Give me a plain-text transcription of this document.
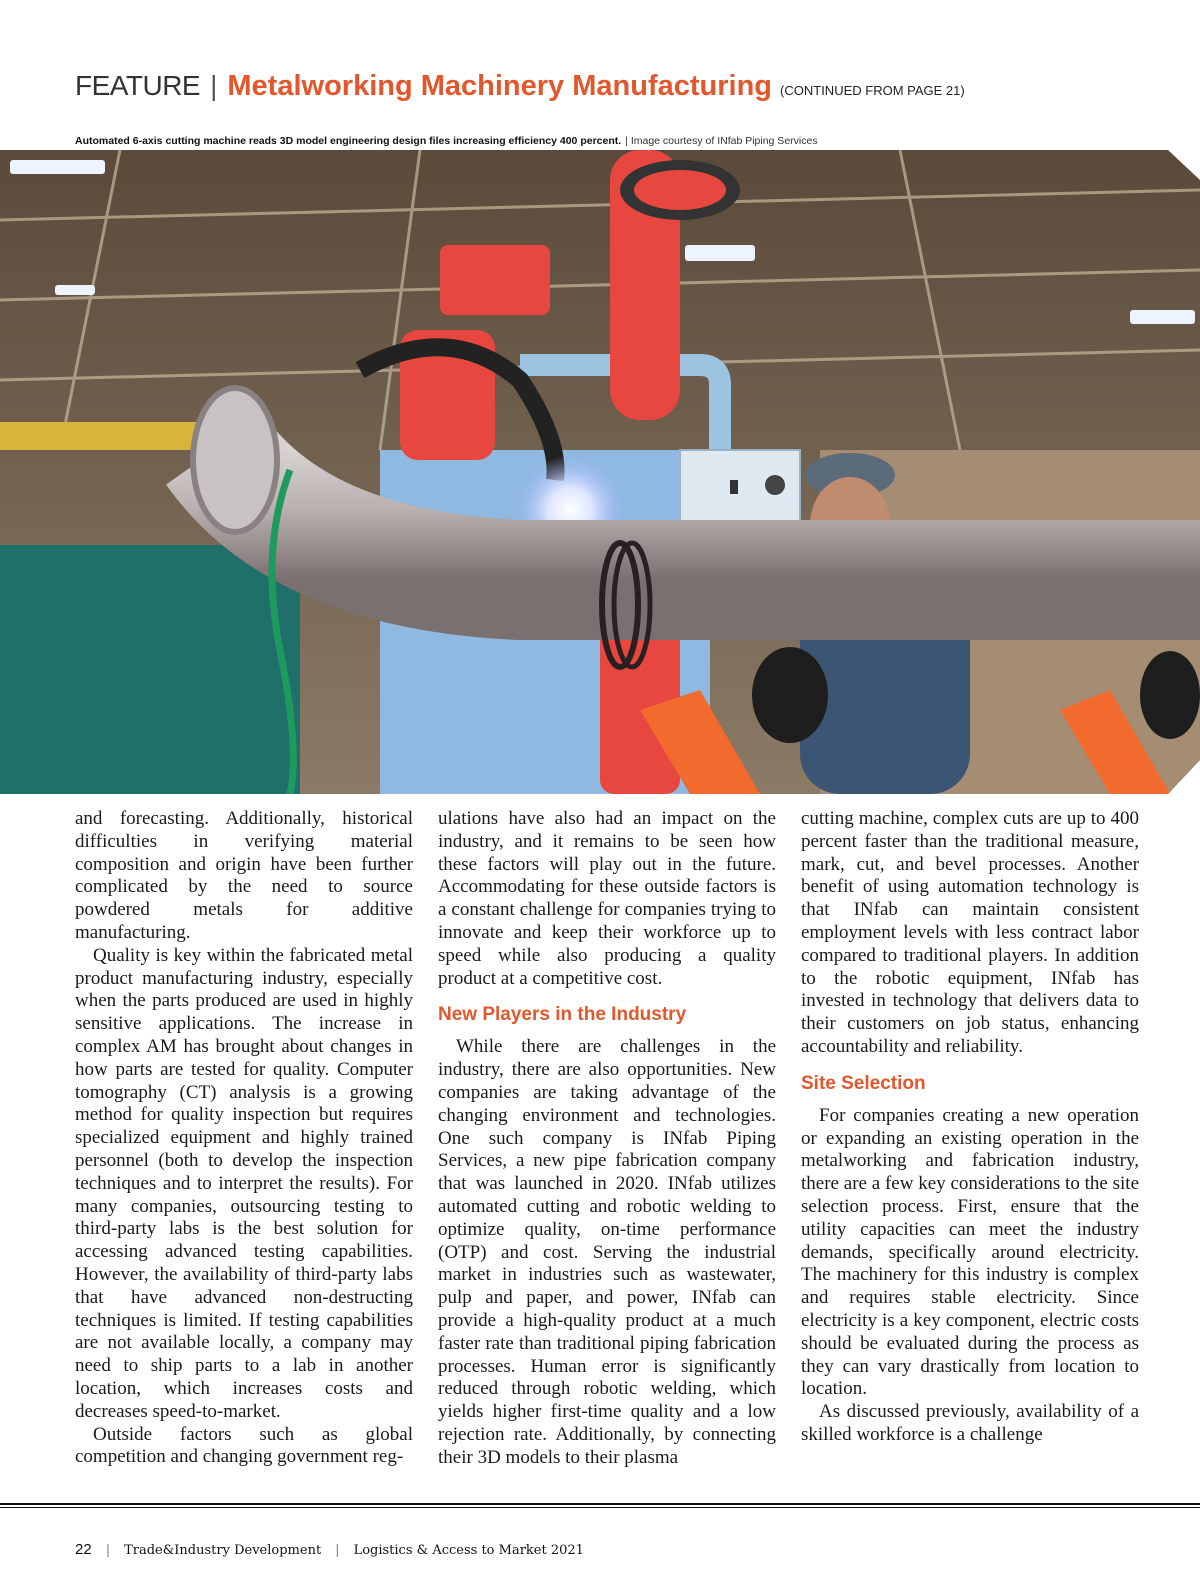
FEATURE | Metalworking Machinery Manufacturing (CONTINUED FROM PAGE 21)
Automated 6-axis cutting machine reads 3D model engineering design files increasing efficiency 400 percent. | Image courtesy of INfab Piping Services

and forecasting. Additionally, historical difficulties in verifying material composition and origin have been further complicated by the need to source powdered metals for additive manufacturing.

Quality is key within the fabricated metal product manufacturing industry, especially when the parts produced are used in highly sensitive applications. The increase in complex AM has brought about changes in how parts are tested for quality. Computer tomography (CT) analysis is a growing method for quality inspection but requires specialized equipment and highly trained personnel (both to develop the inspection techniques and to interpret the results). For many companies, outsourcing testing to third-party labs is the best solution for accessing advanced testing capabilities. However, the availability of third-party labs that have advanced non-destructing techniques is limited. If testing capabilities are not available locally, a company may need to ship parts to a lab in another location, which increases costs and decreases speed-to-market.

Outside factors such as global competition and changing government reg-

ulations have also had an impact on the industry, and it remains to be seen how these factors will play out in the future. Accommodating for these outside factors is a constant challenge for companies trying to innovate and keep their workforce up to speed while also producing a quality product at a competitive cost.

New Players in the Industry

While there are challenges in the industry, there are also opportunities. New companies are taking advantage of the changing environment and technologies. One such company is INfab Piping Services, a new pipe fabrication company that was launched in 2020. INfab utilizes automated cutting and robotic welding to optimize quality, on-time performance (OTP) and cost. Serving the industrial market in industries such as wastewater, pulp and paper, and power, INfab can provide a high-quality product at a much faster rate than traditional piping fabrication processes. Human error is significantly reduced through robotic welding, which yields higher first-time quality and a low rejection rate. Additionally, by connecting their 3D models to their plasma

cutting machine, complex cuts are up to 400 percent faster than the traditional measure, mark, cut, and bevel processes. Another benefit of using automation technology is that INfab can maintain consistent employment levels with less contract labor compared to traditional players. In addition to the robotic equipment, INfab has invested in technology that delivers data to their customers on job status, enhancing accountability and reliability.

Site Selection

For companies creating a new operation or expanding an existing operation in the metalworking and fabrication industry, there are a few key considerations to the site selection process. First, ensure that the utility capacities can meet the industry demands, specifically around electricity. The machinery for this industry is complex and requires stable electricity. Since electricity is a key component, electric costs should be evaluated during the process as they can vary drastically from location to location.

As discussed previously, availability of a skilled workforce is a challenge

22 | Trade&Industry Development | Logistics & Access to Market 2021
